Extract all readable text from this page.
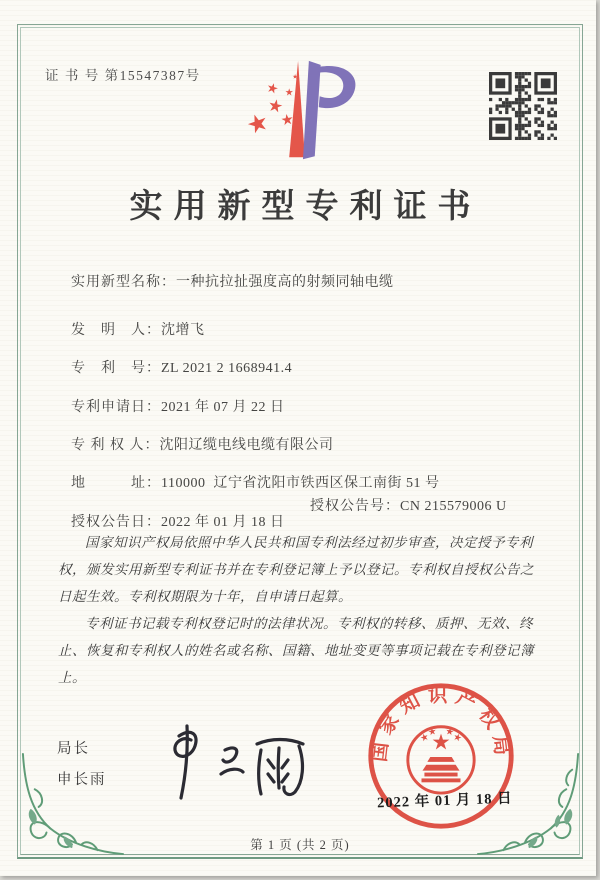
证 书 号 第15547387号
实用新型专利证书

实用新型名称：一种抗拉扯强度高的射频同轴电缆

发　明　人：沈增飞

专　利　号：ZL 2021 2 1668941.4

专利申请日：2021 年 07 月 22 日

专 利 权 人：沈阳辽缆电线电缆有限公司

地　　　址：110000  辽宁省沈阳市铁西区保工南街 51 号

授权公告日：2022 年 01 月 18 日

授权公告号：CN 215579006 U

国家知识产权局依照中华人民共和国专利法经过初步审查，决定授予专利权，颁发实用新型专利证书并在专利登记簿上予以登记。专利权自授权公告之日起生效。专利权期限为十年，自申请日起算。

专利证书记载专利权登记时的法律状况。专利权的转移、质押、无效、终止、恢复和专利权人的姓名或名称、国籍、地址变更等事项记载在专利登记簿上。

局长
申长雨
国家知识产权局
2022 年 01 月 18 日
第 1 页 (共 2 页)
